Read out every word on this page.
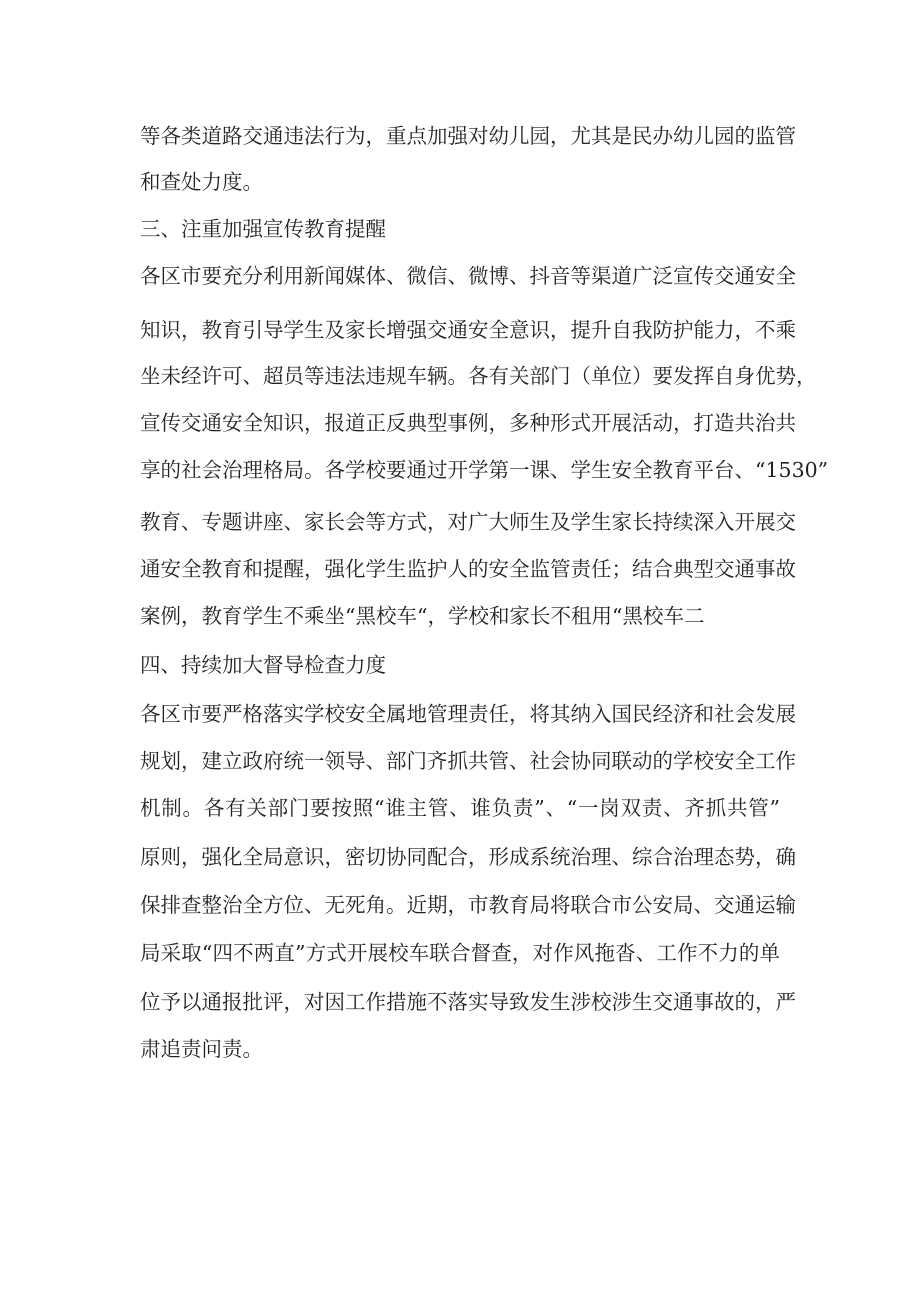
等各类道路交通违法行为，重点加强对幼儿园，尤其是民办幼儿园的监管
和查处力度。
三、注重加强宣传教育提醒
各区市要充分利用新闻媒体、微信、微博、抖音等渠道广泛宣传交通安全
知识，教育引导学生及家长增强交通安全意识，提升自我防护能力，不乘
坐未经许可、超员等违法违规车辆。各有关部门（单位）要发挥自身优势，
宣传交通安全知识，报道正反典型事例，多种形式开展活动，打造共治共
享的社会治理格局。各学校要通过开学第一课、学生安全教育平台、“1530”
教育、专题讲座、家长会等方式，对广大师生及学生家长持续深入开展交
通安全教育和提醒，强化学生监护人的安全监管责任；结合典型交通事故
案例，教育学生不乘坐“黑校车“，学校和家长不租用“黑校车二
四、持续加大督导检查力度
各区市要严格落实学校安全属地管理责任，将其纳入国民经济和社会发展
规划，建立政府统一领导、部门齐抓共管、社会协同联动的学校安全工作
机制。各有关部门要按照“谁主管、谁负责”、“一岗双责、齐抓共管”
原则，强化全局意识，密切协同配合，形成系统治理、综合治理态势，确
保排查整治全方位、无死角。近期，市教育局将联合市公安局、交通运输
局采取“四不两直”方式开展校车联合督查，对作风拖沓、工作不力的单
位予以通报批评，对因工作措施不落实导致发生涉校涉生交通事故的，严
肃追责问责。
